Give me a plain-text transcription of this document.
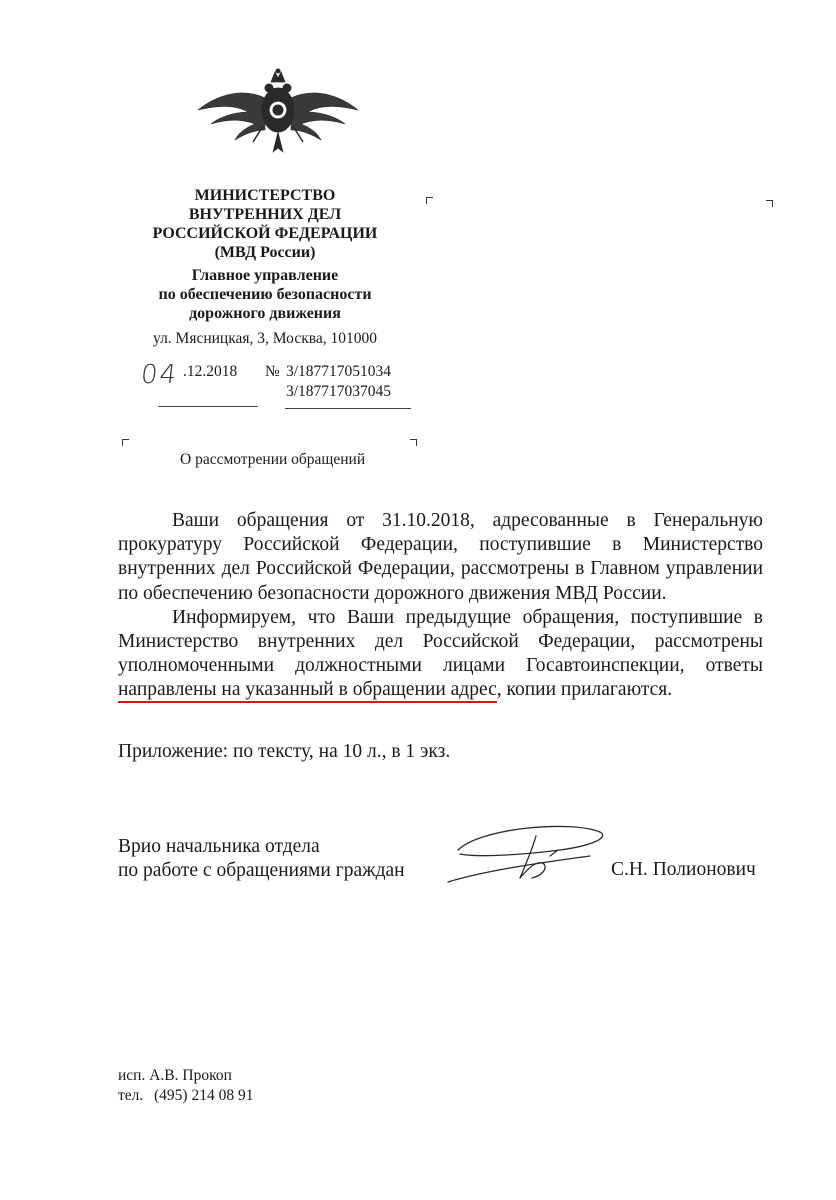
МИНИСТЕРСТВО
ВНУТРЕННИХ ДЕЛ
РОССИЙСКОЙ ФЕДЕРАЦИИ
(МВД России)
Главное управление
по обеспечению безопасности
дорожного движения
ул. Мясницкая, 3, Москва, 101000
04 .12.2018 № 3/187717051034
3/187717037045
О рассмотрении обращений

Ваши обращения от 31.10.2018, адресованные в Генеральную прокуратуру Российской Федерации, поступившие в Министерство внутренних дел Российской Федерации, рассмотрены в Главном управлении по обеспечению безопасности дорожного движения МВД России.

Информируем, что Ваши предыдущие обращения, поступившие в Министерство внутренних дел Российской Федерации, рассмотрены уполномоченными должностными лицами Госавтоинспекции, ответы направлены на указанный в обращении адрес, копии прилагаются.

Приложение: по тексту, на 10 л., в 1 экз.
Врио начальника отдела
по работе с обращениями граждан	С.Н. Полионович
исп. А.В. Прокоп
тел. (495) 214 08 91
